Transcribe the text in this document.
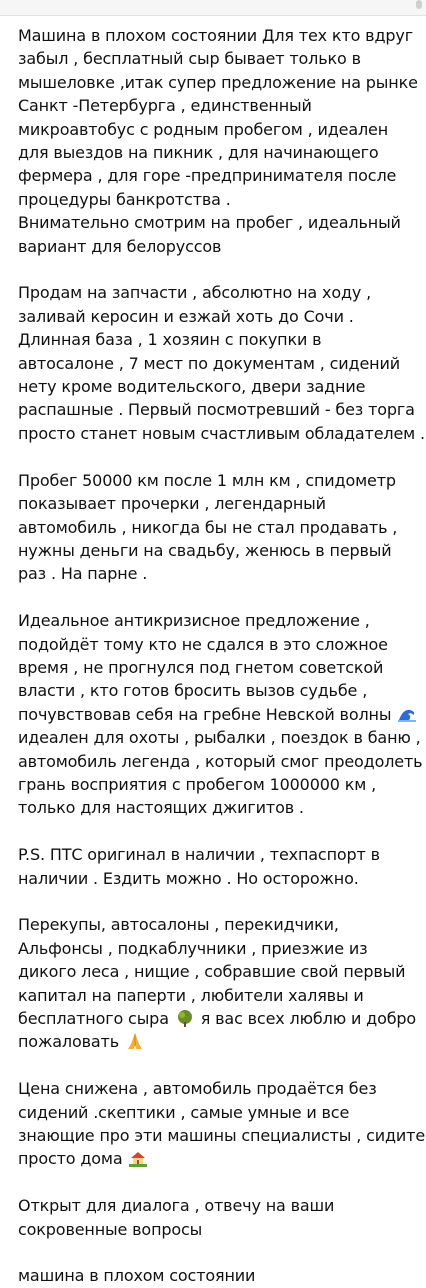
Машина в плохом состоянии Для тех кто вдруг
забыл , бесплатный сыр бывает только в
мышеловке ,итак супер предложение на рынке
Санкт -Петербурга , единственный
микроавтобус с родным пробегом , идеален
для выездов на пикник , для начинающего
фермера , для горе -предпринимателя после
процедуры банкротства .
Внимательно смотрим на пробег , идеальный
вариант для белоруссов

Продам на запчасти , абсолютно на ходу ,
заливай керосин и езжай хоть до Сочи .
Длинная база , 1 хозяин с покупки в
автосалоне , 7 мест по документам , сидений
нету кроме водительского, двери задние
распашные . Первый посмотревший - без торга
просто станет новым счастливым обладателем .

Пробег 50000 км после 1 млн км , спидометр
показывает прочерки , легендарный
автомобиль , никогда бы не стал продавать ,
нужны деньги на свадьбу, женюсь в первый
раз . На парне .

Идеальное антикризисное предложение ,
подойдёт тому кто не сдался в это сложное
время , не прогнулся под гнетом советской
власти , кто готов бросить вызов судьбе ,
почувствовав себя на гребне Невской волны
идеален для охоты , рыбалки , поездок в баню ,
автомобиль легенда , который смог преодолеть
грань восприятия с пробегом 1000000 км ,
только для настоящих джигитов .

P.S. ПТС оригинал в наличии , техпаспорт в
наличии . Ездить можно . Но осторожно.

Перекупы, автосалоны , перекидчики,
Альфонсы , подкаблучники , приезжие из
дикого леса , нищие , собравшие свой первый
капитал на паперти , любители халявы и
бесплатного сыра я вас всех люблю и добро
пожаловать

Цена снижена , автомобиль продаётся без
сидений .скептики , самые умные и все
знающие про эти машины специалисты , сидите
просто дома

Открыт для диалога , отвечу на ваши
сокровенные вопросы

машина в плохом состоянии
